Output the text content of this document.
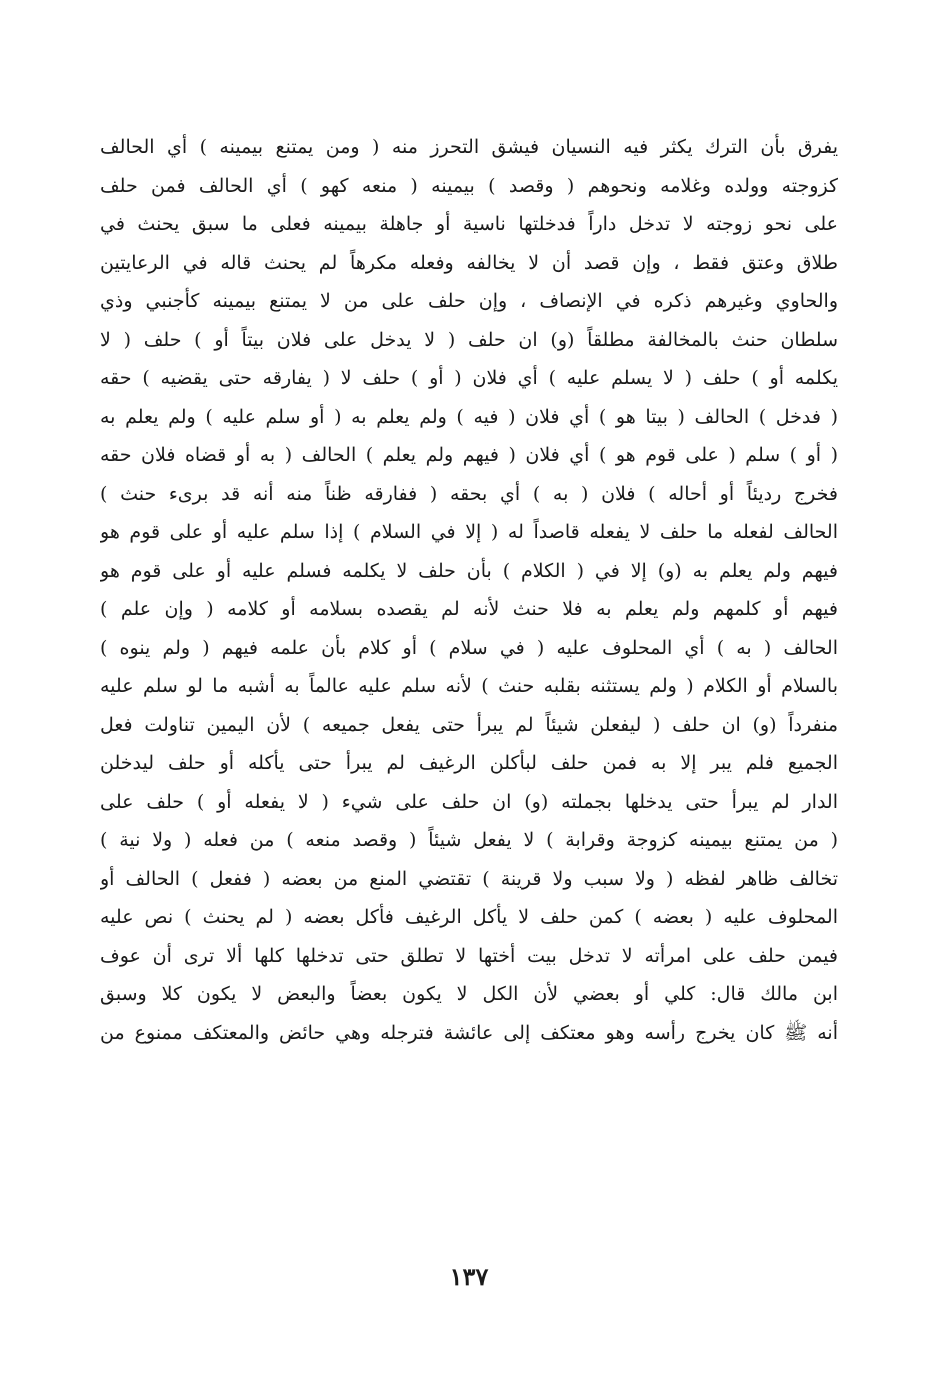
يفرق بأن الترك يكثر فيه النسيان فيشق التحرز منه ( ومن يمتنع بيمينه ) أي الحالف
كزوجته وولده وغلامه ونحوهم ( وقصد ) بيمينه ( منعه كهو ) أي الحالف فمن حلف
على نحو زوجته لا تدخل داراً فدخلتها ناسية أو جاهلة بيمينه فعلى ما سبق يحنث في
طلاق وعتق فقط ، وإن قصد أن لا يخالفه وفعله مكرهاً لم يحنث قاله في الرعايتين
والحاوي وغيرهم ذكره في الإنصاف ، وإن حلف على من لا يمتنع بيمينه كأجنبي وذي
سلطان حنث بالمخالفة مطلقاً (و) ان حلف ( لا يدخل على فلان بيتاً أو ) حلف ( لا
يكلمه أو ) حلف ( لا يسلم عليه ) أي فلان ( أو ) حلف لا ( يفارقه حتى يقضيه ) حقه
( فدخل ) الحالف ( بيتا هو ) أي فلان ( فيه ) ولم يعلم به ( أو سلم عليه ) ولم يعلم به
( أو ) سلم ( على قوم هو ) أي فلان ( فيهم ولم يعلم ) الحالف ( به أو قضاه فلان حقه
فخرج رديئاً أو أحاله ) فلان ( به ) أي بحقه ( ففارقه ظناً منه أنه قد برىء حنث )
الحالف لفعله ما حلف لا يفعله قاصداً له ( إلا في السلام ) إذا سلم عليه أو على قوم هو
فيهم ولم يعلم به (و) إلا في ( الكلام ) بأن حلف لا يكلمه فسلم عليه أو على قوم هو
فيهم أو كلمهم ولم يعلم به فلا حنث لأنه لم يقصده بسلامه أو كلامه ( وإن علم )
الحالف ( به ) أي المحلوف عليه ( في سلام ) أو كلام بأن علمه فيهم ( ولم ينوه )
بالسلام أو الكلام ( ولم يستثنه بقلبه حنث ) لأنه سلم عليه عالماً به أشبه ما لو سلم عليه
منفرداً (و) ان حلف ( ليفعلن شيئاً لم يبرأ حتى يفعل جميعه ) لأن اليمين تناولت فعل
الجميع فلم يبر إلا به فمن حلف لبأكلن الرغيف لم يبرأ حتى يأكله أو حلف ليدخلن
الدار لم يبرأ حتى يدخلها بجملته (و) ان حلف على شيء ( لا يفعله أو ) حلف على
( من يمتنع بيمينه كزوجة وقرابة ) لا يفعل شيئاً ( وقصد منعه ) من فعله ( ولا نية )
تخالف ظاهر لفظه ( ولا سبب ولا قرينة ) تقتضي المنع من بعضه ( ففعل ) الحالف أو
المحلوف عليه ( بعضه ) كمن حلف لا يأكل الرغيف فأكل بعضه ( لم يحنث ) نص عليه
فيمن حلف على امرأته لا تدخل بيت أختها لا تطلق حتى تدخلها كلها ألا ترى أن عوف
ابن مالك قال: كلي أو بعضي لأن الكل لا يكون بعضاً والبعض لا يكون كلا وسبق
أنه ﷺ كان يخرج رأسه وهو معتكف إلى عائشة فترجله وهي حائض والمعتكف ممنوع من
١٣٧
